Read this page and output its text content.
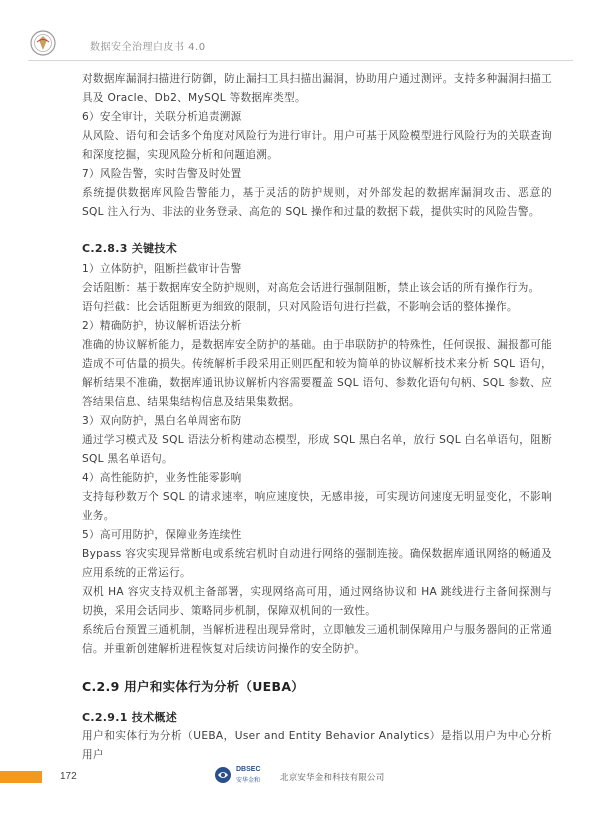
数据安全治理白皮书 4.0
对数据库漏洞扫描进行防御，防止漏扫工具扫描出漏洞，协助用户通过测评。支持多种漏洞扫描工具及 Oracle、Db2、MySQL 等数据库类型。
6）安全审计，关联分析追责溯源
从风险、语句和会话多个角度对风险行为进行审计。用户可基于风险模型进行风险行为的关联查询和深度挖掘，实现风险分析和问题追溯。
7）风险告警，实时告警及时处置
系统提供数据库风险告警能力，基于灵活的防护规则，对外部发起的数据库漏洞攻击、恶意的 SQL 注入行为、非法的业务登录、高危的 SQL 操作和过量的数据下载，提供实时的风险告警。
C.2.8.3 关键技术
1）立体防护，阻断拦截审计告警
会话阻断：基于数据库安全防护规则，对高危会话进行强制阻断，禁止该会话的所有操作行为。
语句拦截：比会话阻断更为细致的限制，只对风险语句进行拦截，不影响会话的整体操作。
2）精确防护，协议解析语法分析
准确的协议解析能力，是数据库安全防护的基础。由于串联防护的特殊性，任何误报、漏报都可能造成不可估量的损失。传统解析手段采用正则匹配和较为简单的协议解析技术来分析 SQL 语句，解析结果不准确，数据库通讯协议解析内容需要覆盖 SQL 语句、参数化语句句柄、SQL 参数、应答结果信息、结果集结构信息及结果集数据。
3）双向防护，黑白名单周密布防
通过学习模式及 SQL 语法分析构建动态模型，形成 SQL 黑白名单，放行 SQL 白名单语句，阻断 SQL 黑名单语句。
4）高性能防护，业务性能零影响
支持每秒数万个 SQL 的请求速率，响应速度快，无感串接，可实现访问速度无明显变化，不影响业务。
5）高可用防护，保障业务连续性
Bypass 容灾实现异常断电或系统宕机时自动进行网络的强制连接。确保数据库通讯网络的畅通及应用系统的正常运行。
双机 HA 容灾支持双机主备部署，实现网络高可用，通过网络协议和 HA 跳线进行主备间探测与切换，采用会话同步、策略同步机制，保障双机间的一致性。
系统后台预置三通机制，当解析进程出现异常时，立即触发三通机制保障用户与服务器间的正常通信。并重新创建解析进程恢复对后续访问操作的安全防护。
C.2.9 用户和实体行为分析（UEBA）
C.2.9.1 技术概述
用户和实体行为分析（UEBA，User and Entity Behavior Analytics）是指以用户为中心分析用户
172
DBSEC
安华金和 北京安华金和科技有限公司
